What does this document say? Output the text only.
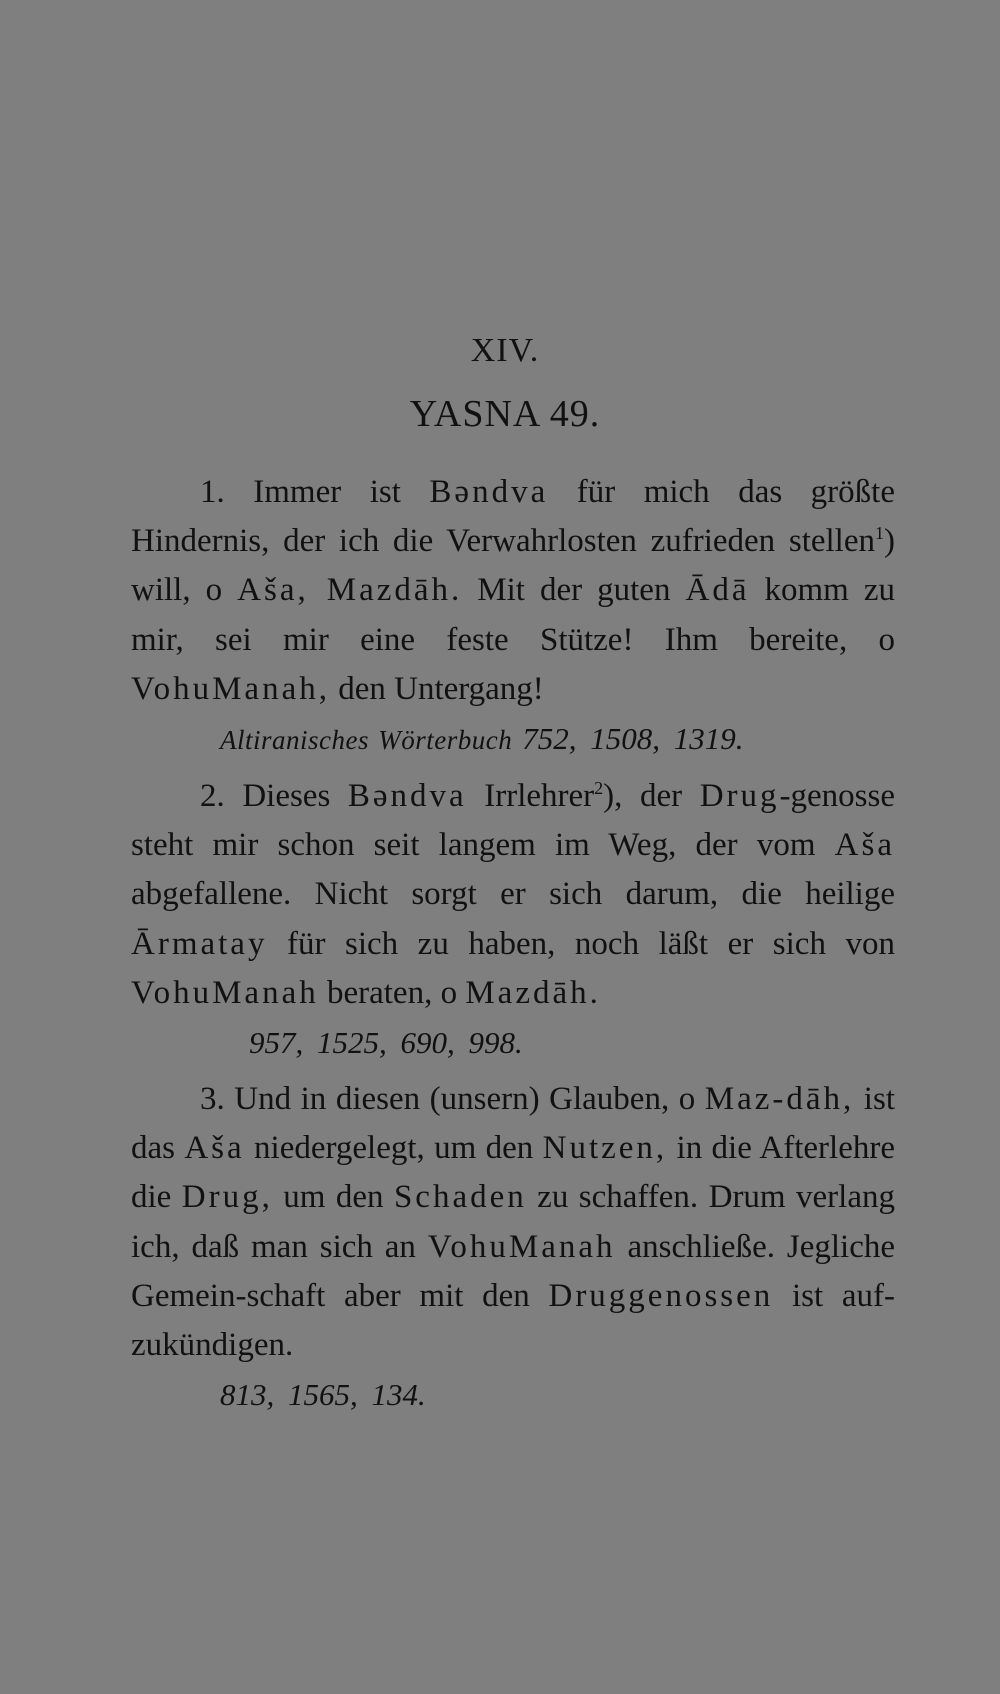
XIV.
YASNA 49.

1. Immer ist Bəndva für mich das größte Hindernis, der ich die Verwahrlosten zufrieden stellen$^1$) will, o Aša, Mazdāh. Mit der guten Ādā komm zu mir, sei mir eine feste Stütze! Ihm bereite, o VohuManah, den Untergang!

Altiranisches Wörterbuch 752, 1508, 1319.

2. Dieses Bəndva Irrlehrer$^2$), der Drug-genosse steht mir schon seit langem im Weg, der vom Aša abgefallene. Nicht sorgt er sich darum, die heilige Ārmatay für sich zu haben, noch läßt er sich von VohuManah beraten, o Mazdāh.

957, 1525, 690, 998.

3. Und in diesen (unsern) Glauben, o Maz-dāh, ist das Aša niedergelegt, um den Nutzen, in die Afterlehre die Drug, um den Schaden zu schaffen. Drum verlang ich, daß man sich an VohuManah anschließe. Jegliche Gemein-schaft aber mit den Druggenossen ist auf-zukündigen.

813, 1565, 134.
